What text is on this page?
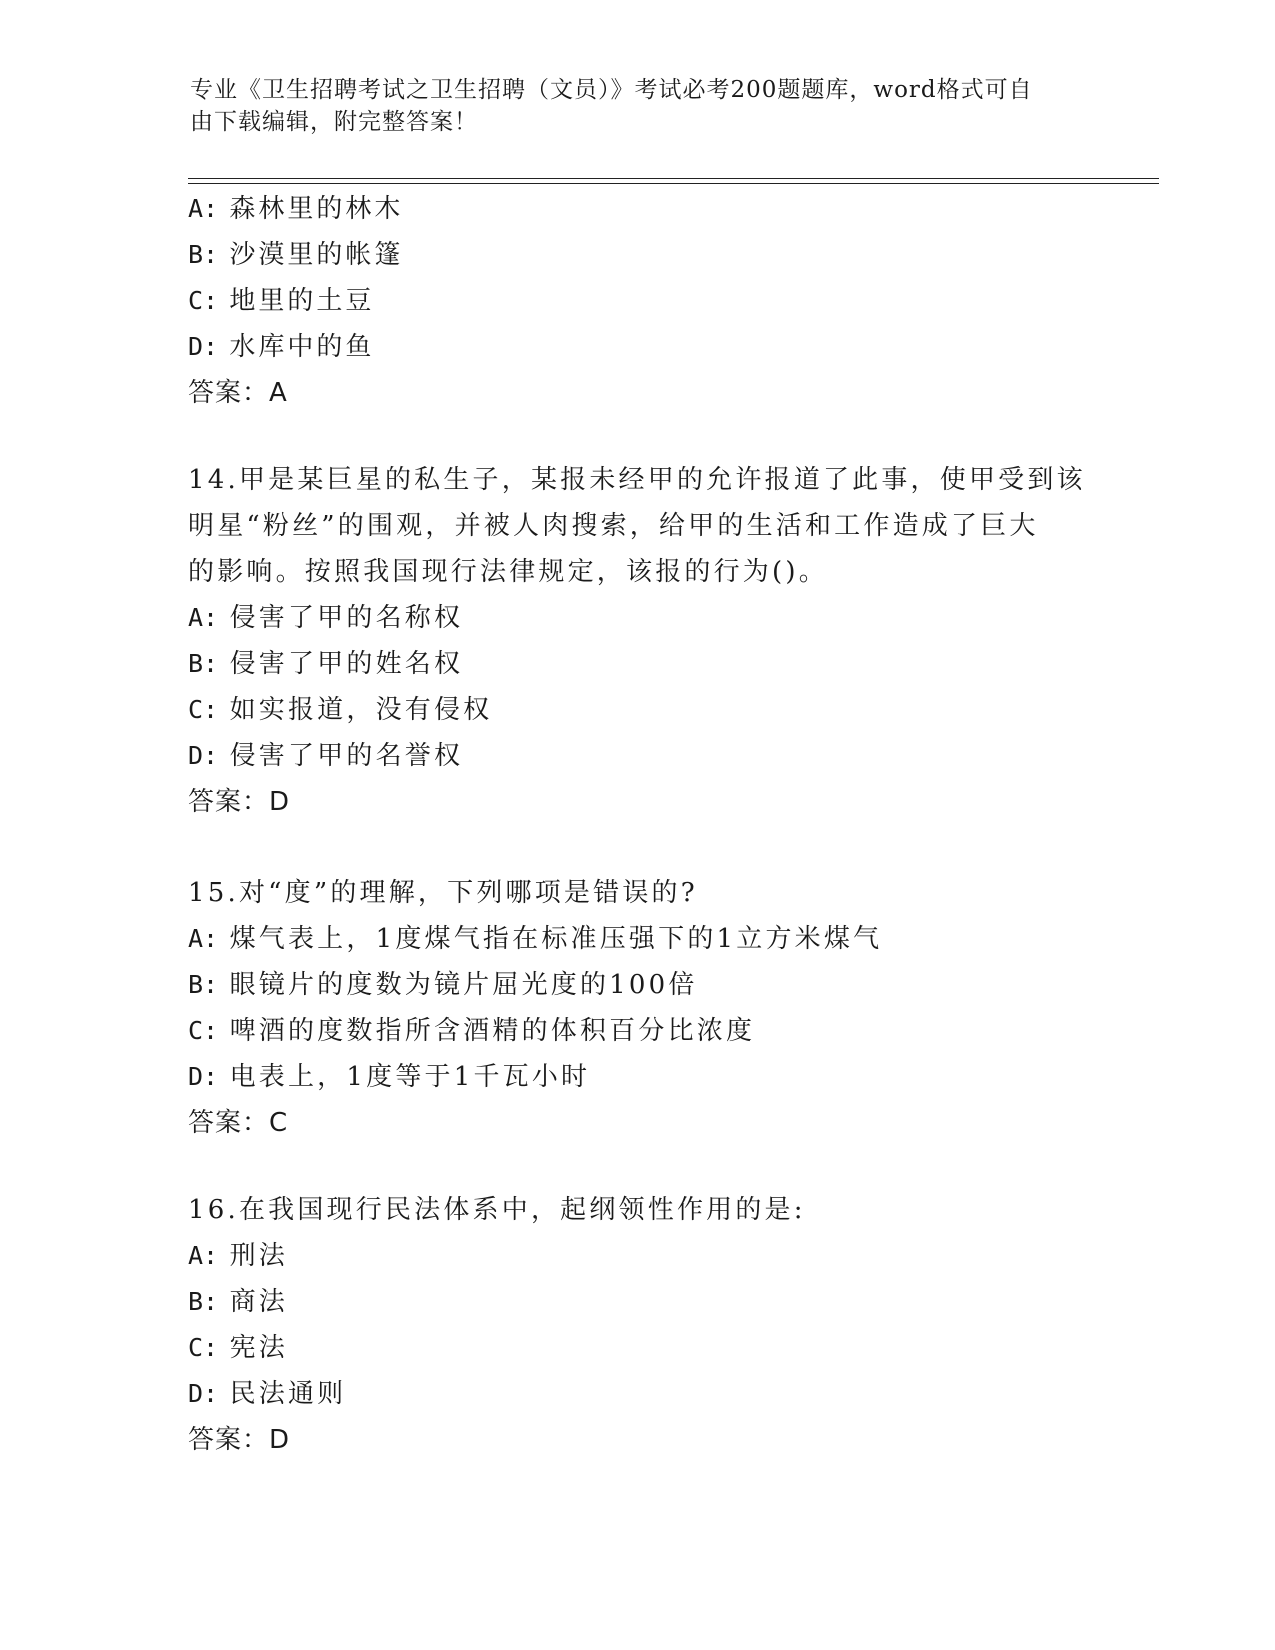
专业《卫生招聘考试之卫生招聘（文员）》考试必考200题题库，word格式可自
由下载编辑，附完整答案！
A: 森林里的林木
B: 沙漠里的帐篷
C: 地里的土豆
D: 水库中的鱼
答案：A
14.甲是某巨星的私生子，某报未经甲的允许报道了此事，使甲受到该
明星“粉丝”的围观，并被人肉搜索，给甲的生活和工作造成了巨大
的影响。按照我国现行法律规定，该报的行为()。
A: 侵害了甲的名称权
B: 侵害了甲的姓名权
C: 如实报道，没有侵权
D: 侵害了甲的名誉权
答案：D
15.对“度”的理解，下列哪项是错误的?
A: 煤气表上，1度煤气指在标准压强下的1立方米煤气
B: 眼镜片的度数为镜片屈光度的100倍
C: 啤酒的度数指所含酒精的体积百分比浓度
D: 电表上，1度等于1千瓦小时
答案：C
16.在我国现行民法体系中，起纲领性作用的是:
A: 刑法
B: 商法
C: 宪法
D: 民法通则
答案：D
